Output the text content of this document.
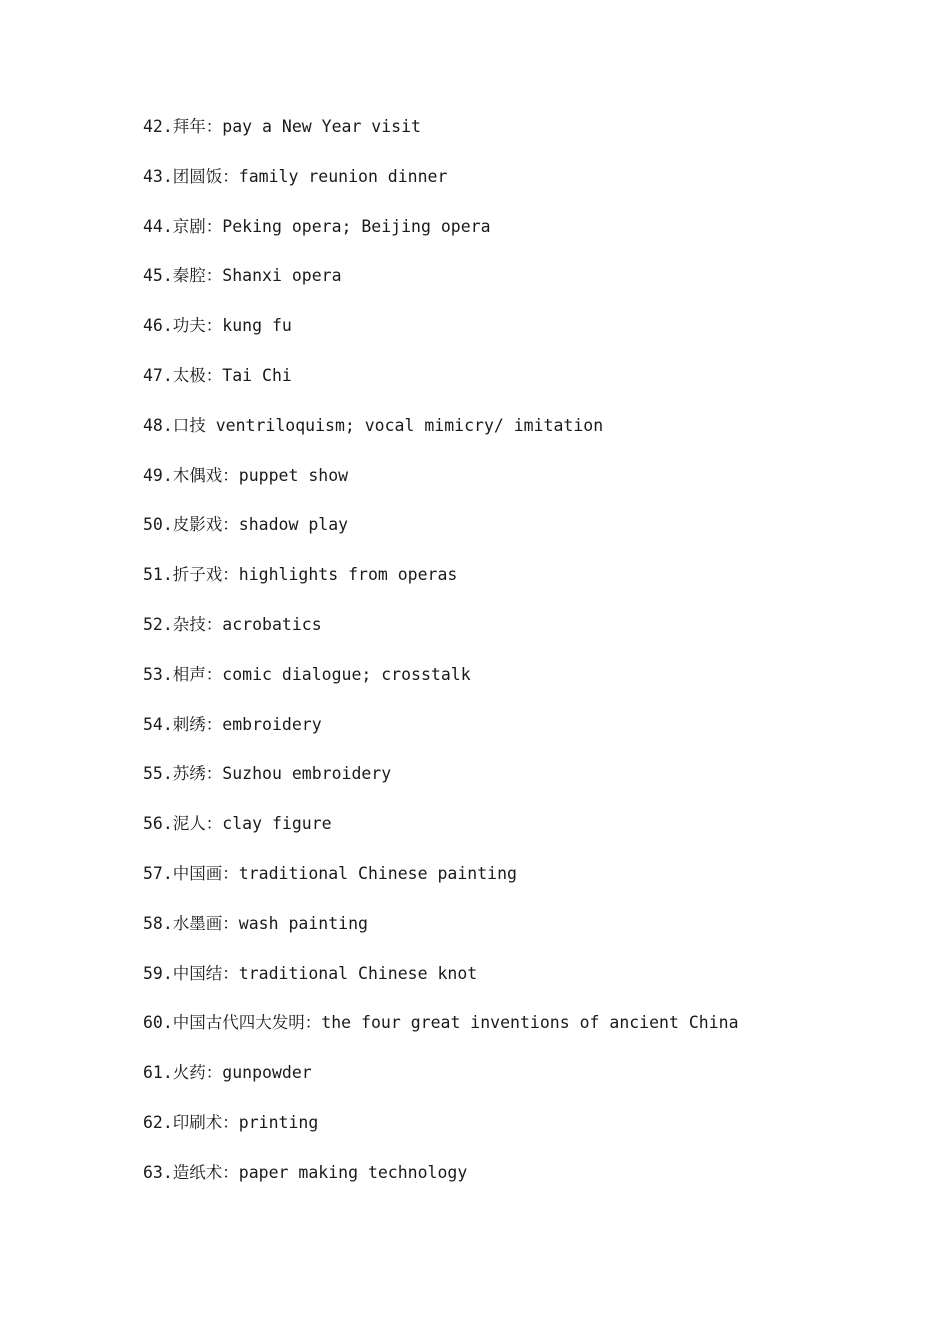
42.拜年：pay a New Year visit
43.团圆饭：family reunion dinner
44.京剧：Peking opera; Beijing opera
45.秦腔：Shanxi opera
46.功夫：kung fu
47.太极：Tai Chi
48.口技 ventriloquism; vocal mimicry/ imitation
49.木偶戏：puppet show
50.皮影戏：shadow play
51.折子戏：highlights from operas
52.杂技：acrobatics
53.相声：comic dialogue; crosstalk
54.刺绣：embroidery
55.苏绣：Suzhou embroidery
56.泥人：clay figure
57.中国画：traditional Chinese painting
58.水墨画：wash painting
59.中国结：traditional Chinese knot
60.中国古代四大发明：the four great inventions of ancient China
61.火药：gunpowder
62.印刷术：printing
63.造纸术：paper making technology
